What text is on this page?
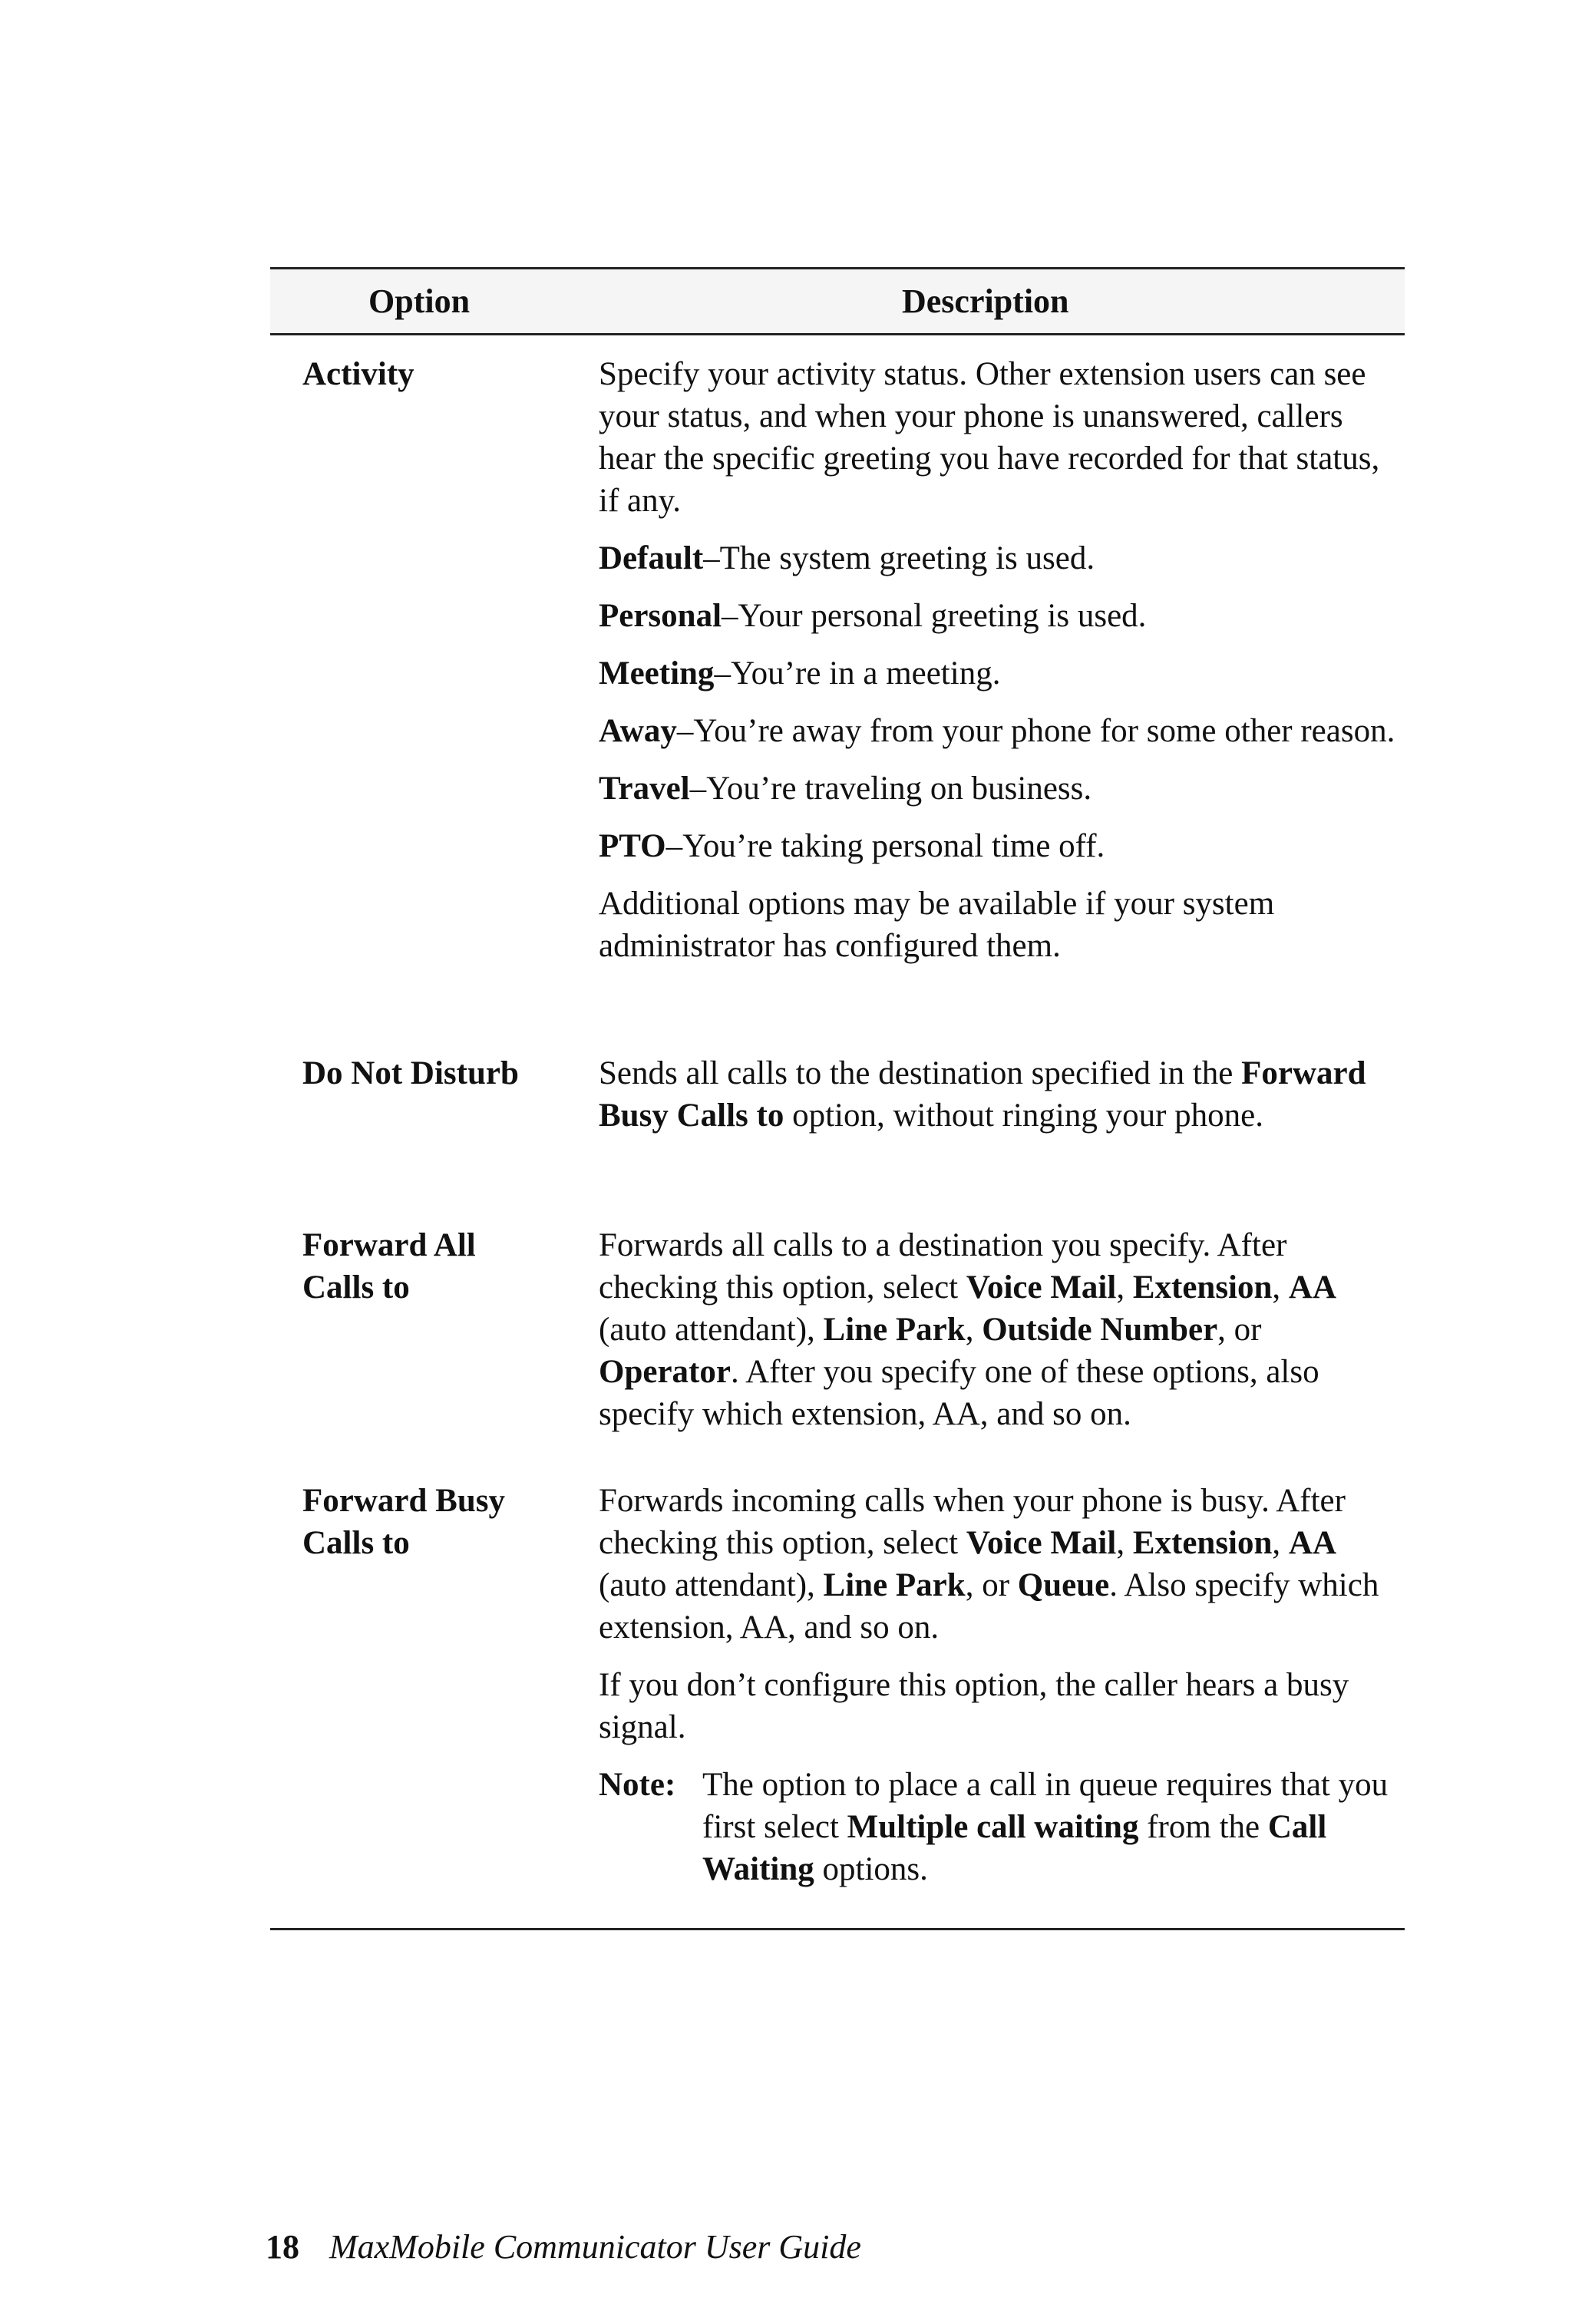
Option	Description
Activity	Specify your activity status. Other extension users can see your status, and when your phone is unanswered, callers hear the specific greeting you have recorded for that status, if any.

Default–The system greeting is used.

Personal–Your personal greeting is used.

Meeting–You’re in a meeting.

Away–You’re away from your phone for some other reason.

Travel–You’re traveling on business.

PTO–You’re taking personal time off.

Additional options may be available if your system administrator has configured them.

Do Not Disturb Sends all calls to the destination specified in the Forward Busy Calls to option, without ringing your phone.

Forward All
Calls to

Forwards all calls to a destination you specify. After checking this option, select Voice Mail, Extension, AA (auto attendant), Line Park, Outside Number, or Operator. After you specify one of these options, also specify which extension, AA, and so on.

Forward Busy
Calls to

Forwards incoming calls when your phone is busy. After checking this option, select Voice Mail, Extension, AA (auto attendant), Line Park, or Queue. Also specify which extension, AA, and so on.

If you don’t configure this option, the caller hears a busy signal.

Note: The option to place a call in queue requires that you first select Multiple call waiting from the Call Waiting options.
18 MaxMobile Communicator User Guide
